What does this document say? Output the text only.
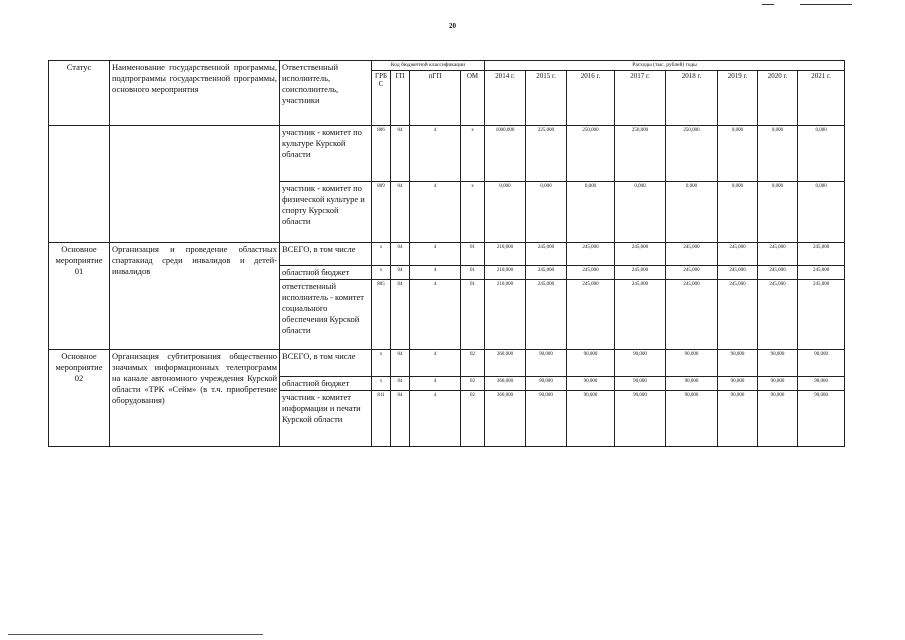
20
Статус	Наименование государственной программы, подпрограммы государственной программы, основного мероприятия	Ответственный исполнитель, соисполнитель, участники	Код бюджетной классификации				Расходы (тыс. рублей) годы							
			ГРБ С	ГП	пГП	ОМ	2014 г.	2015 г.	2016 г.	2017 г.	2018 г.	2019 г.	2020 г.	2021 г.
		участник - комитет по культуре Курской области	806	04	4	х	1000,000	225,000	250,000	250,000	250,000	0,000	0,000	0,000
		участник - комитет по физической культуре и спорту Курской области	809	04	4	х	0,000	0,000	0,000	0,000	0,000	0,000	0,000	0,000
Основное мероприятие 01	Организация и проведение областных спартакиад среди инвалидов и детей-инвалидов	ВСЕГО, в том числе	х	04	4	01	210,000	245,000	245,000	245,000	245,000	245,000	245,000	245,000
		областной бюджет	х	04	4	01	210,000	245,000	245,000	245,000	245,000	245,000	245,000	245,000
		ответственный исполнитель - комитет социального обеспечения Курской области	805	04	4	01	210,000	245,000	245,000	245,000	245,000	245,000	245,000	245,000
Основное мероприятие 02	Организация субтитрования общественно значимых информационных телепрограмм на канале автономного учреждения Курской области «ТРК «Сейм» (в т.ч. приобретение оборудования)	ВСЕГО, в том числе	х	04	4	02	360,000	90,000	90,000	90,000	90,000	90,000	90,000	90,000
		областной бюджет	х	04	4	02	360,000	90,000	90,000	90,000	90,000	90,000	90,000	90,000
		участник - комитет информации и печати Курской области	811	04	4	02	360,000	90,000	90,000	90,000	90,000	90,000	90,000	90,000
